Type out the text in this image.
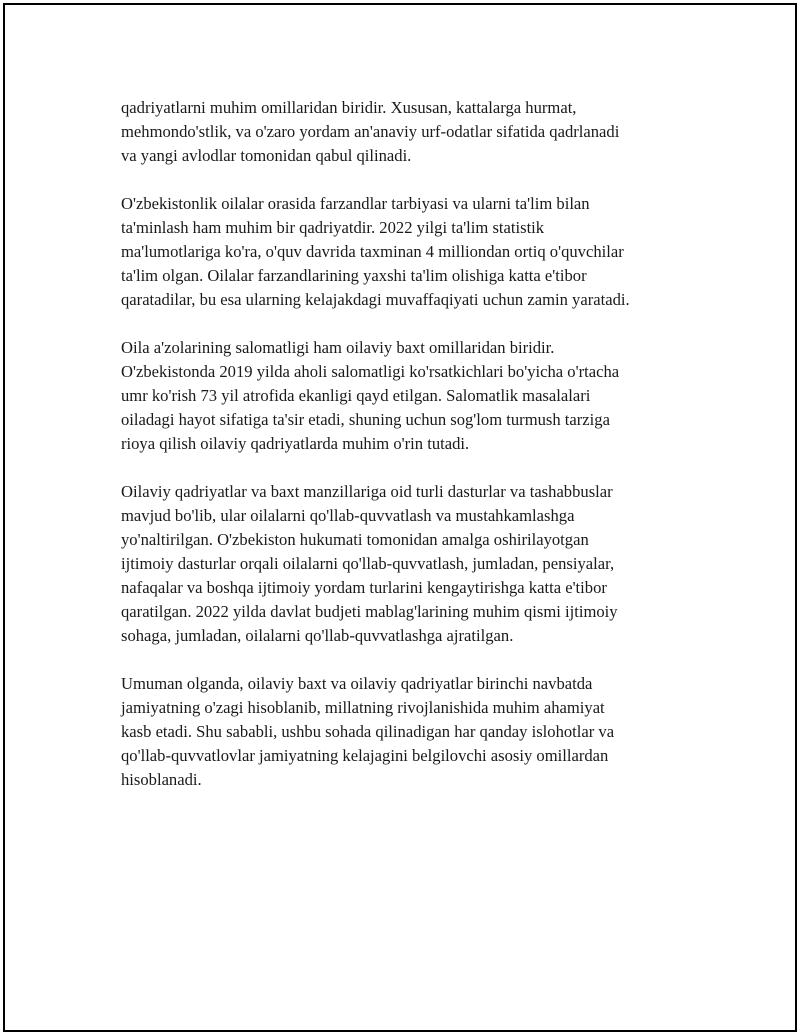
qadriyatlarni muhim omillaridan biridir. Xususan, kattalarga hurmat,
mehmondo'stlik, va o'zaro yordam an'anaviy urf-odatlar sifatida qadrlanadi
va yangi avlodlar tomonidan qabul qilinadi.

O'zbekistonlik oilalar orasida farzandlar tarbiyasi va ularni ta'lim bilan
ta'minlash ham muhim bir qadriyatdir. 2022 yilgi ta'lim statistik
ma'lumotlariga ko'ra, o'quv davrida taxminan 4 milliondan ortiq o'quvchilar
ta'lim olgan. Oilalar farzandlarining yaxshi ta'lim olishiga katta e'tibor
qaratadilar, bu esa ularning kelajakdagi muvaffaqiyati uchun zamin yaratadi.

Oila a'zolarining salomatligi ham oilaviy baxt omillaridan biridir.
O'zbekistonda 2019 yilda aholi salomatligi ko'rsatkichlari bo'yicha o'rtacha
umr ko'rish 73 yil atrofida ekanligi qayd etilgan. Salomatlik masalalari
oiladagi hayot sifatiga ta'sir etadi, shuning uchun sog'lom turmush tarziga
rioya qilish oilaviy qadriyatlarda muhim o'rin tutadi.

Oilaviy qadriyatlar va baxt manzillariga oid turli dasturlar va tashabbuslar
mavjud bo'lib, ular oilalarni qo'llab-quvvatlash va mustahkamlashga
yo'naltirilgan. O'zbekiston hukumati tomonidan amalga oshirilayotgan
ijtimoiy dasturlar orqali oilalarni qo'llab-quvvatlash, jumladan, pensiyalar,
nafaqalar va boshqa ijtimoiy yordam turlarini kengaytirishga katta e'tibor
qaratilgan. 2022 yilda davlat budjeti mablag'larining muhim qismi ijtimoiy
sohaga, jumladan, oilalarni qo'llab-quvvatlashga ajratilgan.

Umuman olganda, oilaviy baxt va oilaviy qadriyatlar birinchi navbatda
jamiyatning o'zagi hisoblanib, millatning rivojlanishida muhim ahamiyat
kasb etadi. Shu sababli, ushbu sohada qilinadigan har qanday islohotlar va
qo'llab-quvvatlovlar jamiyatning kelajagini belgilovchi asosiy omillardan
hisoblanadi.
